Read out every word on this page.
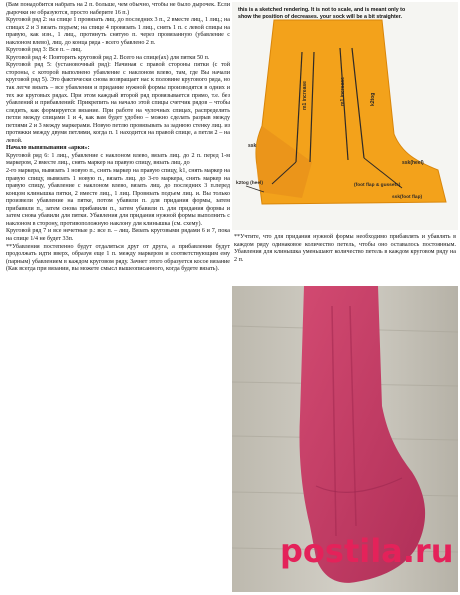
(Вам понадобится набрать на 2 п. больше, чем обычно, чтобы не было дырочек. Если дырочки не образуются, просто наберите 16 п.)

Круговой ряд 2: на спице 1 провязать лиц. до последних 3 п., 2 вместе лиц., 1 лиц.; на спицах 2 и 3 вязать подъем; на спице 4 провязать 1 лиц., снять 1 п. с левой спицы на правую, как изн., 1 лиц., протянуть снятую п. через провязанную (убавление с наклоном влево), лиц. до конца ряда - всего убавлено 2 п.

Круговой ряд 3: Все п. – лиц.

Круговой ряд 4: Повторить круговой ряд 2. Всего на спице(ах) для пятки 50 п.

Круговой ряд 5: (установочный ряд): Начиная с правой стороны пятки (с той стороны, с которой выполнено убавление с наклоном влево, там, где Вы начали круговой ряд 5). Это фактически снова возвращает нас к половине кругового ряда, но так легче вязать – все убавления и придание нужной формы производятся в одних и тех же круговых рядах. При этом каждый второй ряд провязывается прямо, т.е. без убавлений и прибавлений: Прикрепить на начало этой спицы счетчик рядов – чтобы следить, как формируется вязание. При работе на чулочных спицах, распределить петли между спицами 1 и 4, как вам будет удобно – можно сделать разрыв между петлями 2 и 3 между маркерами. Новую петлю провязывать за заднюю стенку лиц. из протяжки между двумя петлями, когда п. 1 находится на правой спице, а петля 2 – на левой.

Начало вывязывания «арки»:

Круговой ряд 6: 1 лиц., убавление с наклоном влево, вязать лиц. до 2 п. перед 1-м маркером, 2 вместе лиц., снять маркер на правую спицу, вязать лиц. до

2-го маркера, вывязать 1 новую п., снять маркер на правую спицу, k1, снять маркер на правую спицу, вывязать 1 новую п., вязать лиц. до 3-го маркера, снять маркер на правую спицу, убавление с наклоном влево, вязать лиц. до последних 3 п.перед концом клинышка пятки, 2 вместе лиц., 1 лиц. Провязать подъем лиц. и. Вы только произвели убавление на пятке, потом убавили п. для придания формы, затем прибавили п., затем снова прибавили п., затем убавили п. для придания формы и затем снова убавили для пятки. Убавления для придания нужной формы выполнить с наклоном в сторону, противоположную наклону для клинышка (см. схему).

Круговой ряд 7 и все нечетные р.: все п. – лиц. Вязать круговыми рядами 6 и 7, пока на спице 1/4 не будет 33п.

**Убавления постепенно будут отдаляться друг от друга, а прибавления будут продолжать идти вверх, образуя еще 1 п. между маркером и соответствующим ему (парным) убавлением в каждом круговом ряду. Зачнет этого образуется косое вязание (Как всегда при вязании, вы можете смысл вышеописанного, когда будете вязать).

this is a sketched rendering. It is not to scale, and is meant only to
show the position of decreases. your sock will be a bit straighter.
m1 increase	m1 increase	k2tog
ssk
ssk(heel)
(foot flap & gussets)
k2tog (heel)
ssk(foot flap)
**Учтите, что для придания нужной формы необходимо прибавлять и убавлять в каждом ряду одинаковое количество петель, чтобы оно оставалось постоянным. Убавления для клинышка уменьшают количество петель в каждом круговом ряду на 2 п.
postila.ru
